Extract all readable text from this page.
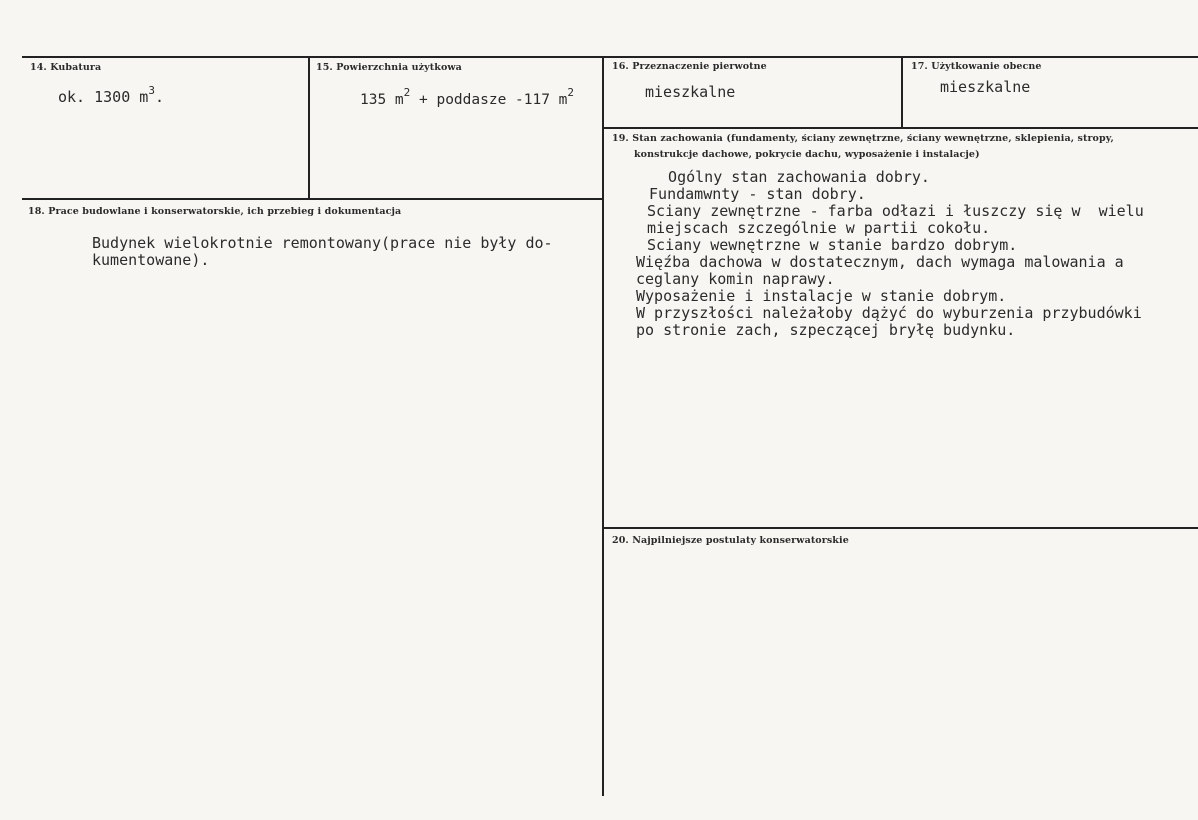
14. Kubatura
ok. 1300 $m^3$.
15. Powierzchnia użytkowa
135 $m^2$ + poddasze -117 $m^2$
16. Przeznaczenie pierwotne
mieszkalne
17. Użytkowanie obecne
mieszkalne
18. Prace budowlane i konserwatorskie, ich przebieg i dokumentacja
Budynek wielokrotnie remontowany(prace nie były do-
kumentowane).
19. Stan zachowania (fundamenty, ściany zewnętrzne, ściany wewnętrzne, sklepienia, stropy,
konstrukcje dachowe, pokrycie dachu, wyposażenie i instalacje)
Ogólny stan zachowania dobry.
Fundamwnty - stan dobry.
Sciany zewnętrzne - farba odłazi i łuszczy się w  wielu
miejscach szczególnie w partii cokołu.
Sciany wewnętrzne w stanie bardzo dobrym.
Więźba dachowa w dostatecznym, dach wymaga malowania a
ceglany komin naprawy.
Wyposażenie i instalacje w stanie dobrym.
W przyszłości należałoby dążyć do wyburzenia przybudówki
po stronie zach, szpeczącej bryłę budynku.
20. Najpilniejsze postulaty konserwatorskie
